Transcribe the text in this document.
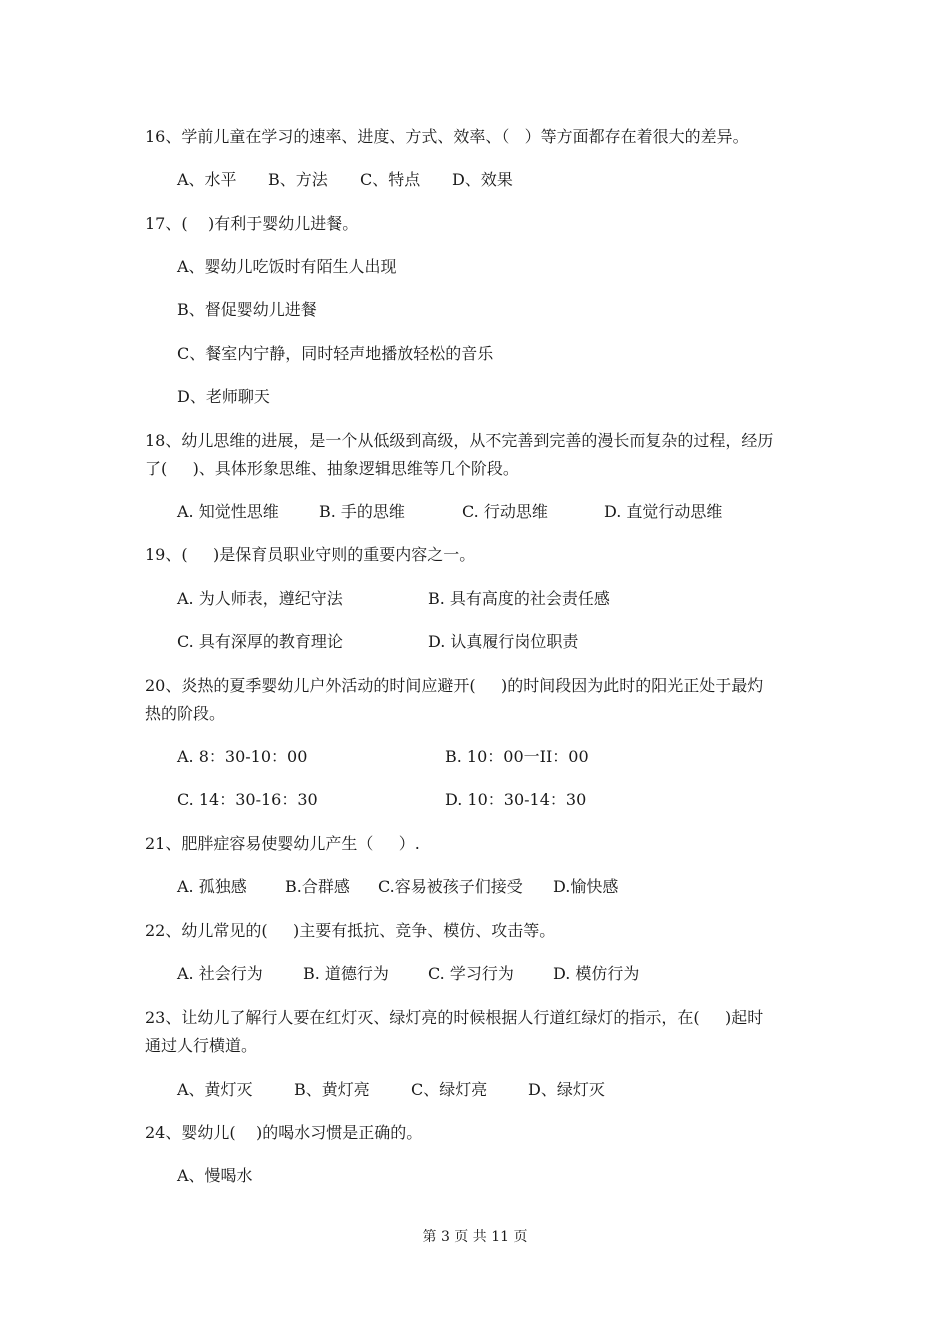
16、学前儿童在学习的速率、进度、方式、效率、（   ）等方面都存在着很大的差异。
A、水平 B、方法 C、特点 D、效果
17、(    )有利于婴幼儿进餐。
A、婴幼儿吃饭时有陌生人出现
B、督促婴幼儿进餐
C、餐室内宁静，同时轻声地播放轻松的音乐
D、老师聊天
18、幼儿思维的进展，是一个从低级到高级，从不完善到完善的漫长而复杂的过程，经历
了(     )、具体形象思维、抽象逻辑思维等几个阶段。
A. 知觉性思维	B. 手的思维	C. 行动思维	D. 直觉行动思维
19、(     )是保育员职业守则的重要内容之一。
A. 为人师表，遵纪守法	B. 具有高度的社会责任感
C. 具有深厚的教育理论	D. 认真履行岗位职责
20、炎热的夏季婴幼儿户外活动的时间应避开(     )的时间段因为此时的阳光正处于最灼
热的阶段。
A. 8：30-10：00	B. 10：00一II：00
C. 14：30-16：30	D. 10：30-14：30
21、肥胖症容易使婴幼儿产生（     ）.
A. 孤独感 B.合群感 C.容易被孩子们接受 D.愉快感
22、幼儿常见的(     )主要有抵抗、竞争、模仿、攻击等。
A. 社会行为	B. 道德行为 C. 学习行为 D. 模仿行为
23、让幼儿了解行人要在红灯灭、绿灯亮的时候根据人行道红绿灯的指示，在(     )起时
通过人行横道。
A、黄灯灭	B、黄灯亮	C、绿灯亮	D、绿灯灭
24、婴幼儿(    )的喝水习惯是正确的。
A、慢喝水
第 3 页 共 11 页
